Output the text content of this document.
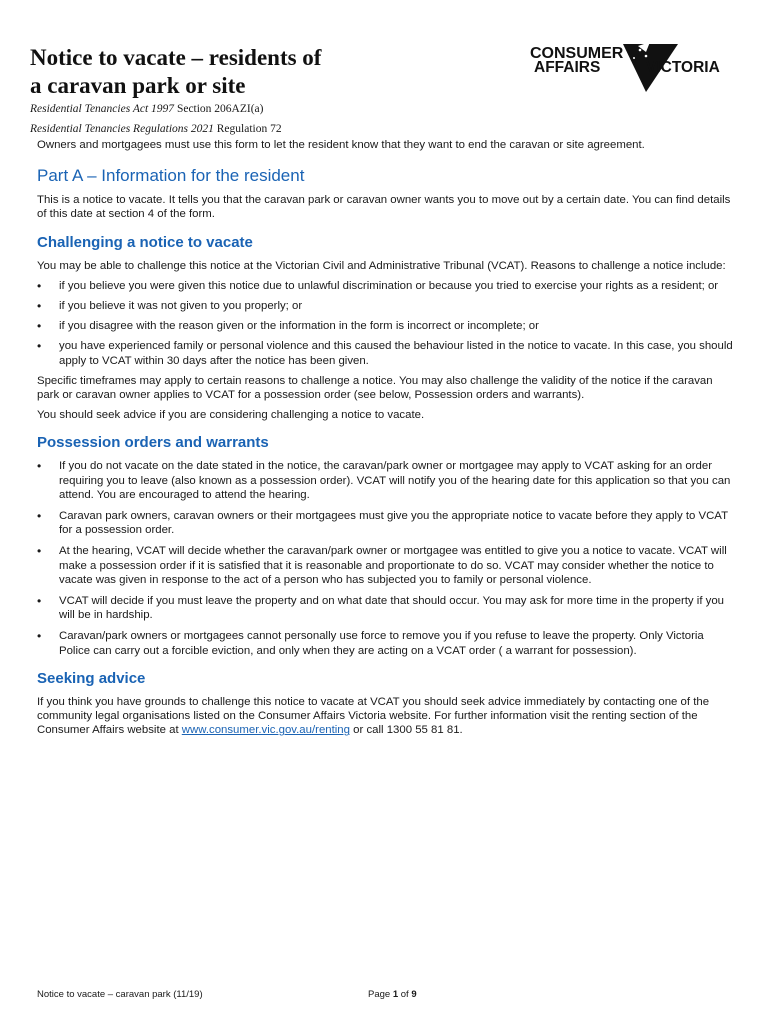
Notice to vacate – residents of
a caravan park or site
CONSUMER
AFFAIRS	VICTORIA
Residential Tenancies Act 1997 Section 206AZI(a)
Residential Tenancies Regulations 2021 Regulation 72

Owners and mortgagees must use this form to let the resident know that they want to end the caravan or site agreement.

Part A – Information for the resident

This is a notice to vacate. It tells you that the caravan park or caravan owner wants you to move out by a certain date. You can find details of this date at section 4 of the form.

Challenging a notice to vacate

You may be able to challenge this notice at the Victorian Civil and Administrative Tribunal (VCAT). Reasons to challenge a notice include:

• if you believe you were given this notice due to unlawful discrimination or because you tried to exercise your rights as a resident; or
• if you believe it was not given to you properly; or
• if you disagree with the reason given or the information in the form is incorrect or incomplete; or
• you have experienced family or personal violence and this caused the behaviour listed in the notice to vacate. In this case, you should apply to VCAT within 30 days after the notice has been given.

Specific timeframes may apply to certain reasons to challenge a notice. You may also challenge the validity of the notice if the caravan park or caravan owner applies to VCAT for a possession order (see below, Possession orders and warrants).

You should seek advice if you are considering challenging a notice to vacate.

Possession orders and warrants
• If you do not vacate on the date stated in the notice, the caravan/park owner or mortgagee may apply to VCAT asking for an order requiring you to leave (also known as a possession order). VCAT will notify you of the hearing date for this application so that you can attend. You are encouraged to attend the hearing.
• Caravan park owners, caravan owners or their mortgagees must give you the appropriate notice to vacate before they apply to VCAT for a possession order.
• At the hearing, VCAT will decide whether the caravan/park owner or mortgagee was entitled to give you a notice to vacate. VCAT will make a possession order if it is satisfied that it is reasonable and proportionate to do so. VCAT may consider whether the notice to vacate was given in response to the act of a person who has subjected you to family or personal violence.
• VCAT will decide if you must leave the property and on what date that should occur. You may ask for more time in the property if you will be in hardship.
• Caravan/park owners or mortgagees cannot personally use force to remove you if you refuse to leave the property. Only Victoria Police can carry out a forcible eviction, and only when they are acting on a VCAT order ( a warrant for possession).
Seeking advice

If you think you have grounds to challenge this notice to vacate at VCAT you should seek advice immediately by contacting one of the community legal organisations listed on the Consumer Affairs Victoria website. For further information visit the renting section of the Consumer Affairs website at www.consumer.vic.gov.au/renting or call 1300 55 81 81.

Notice to vacate – caravan park (11/19)	Page 1 of 9
